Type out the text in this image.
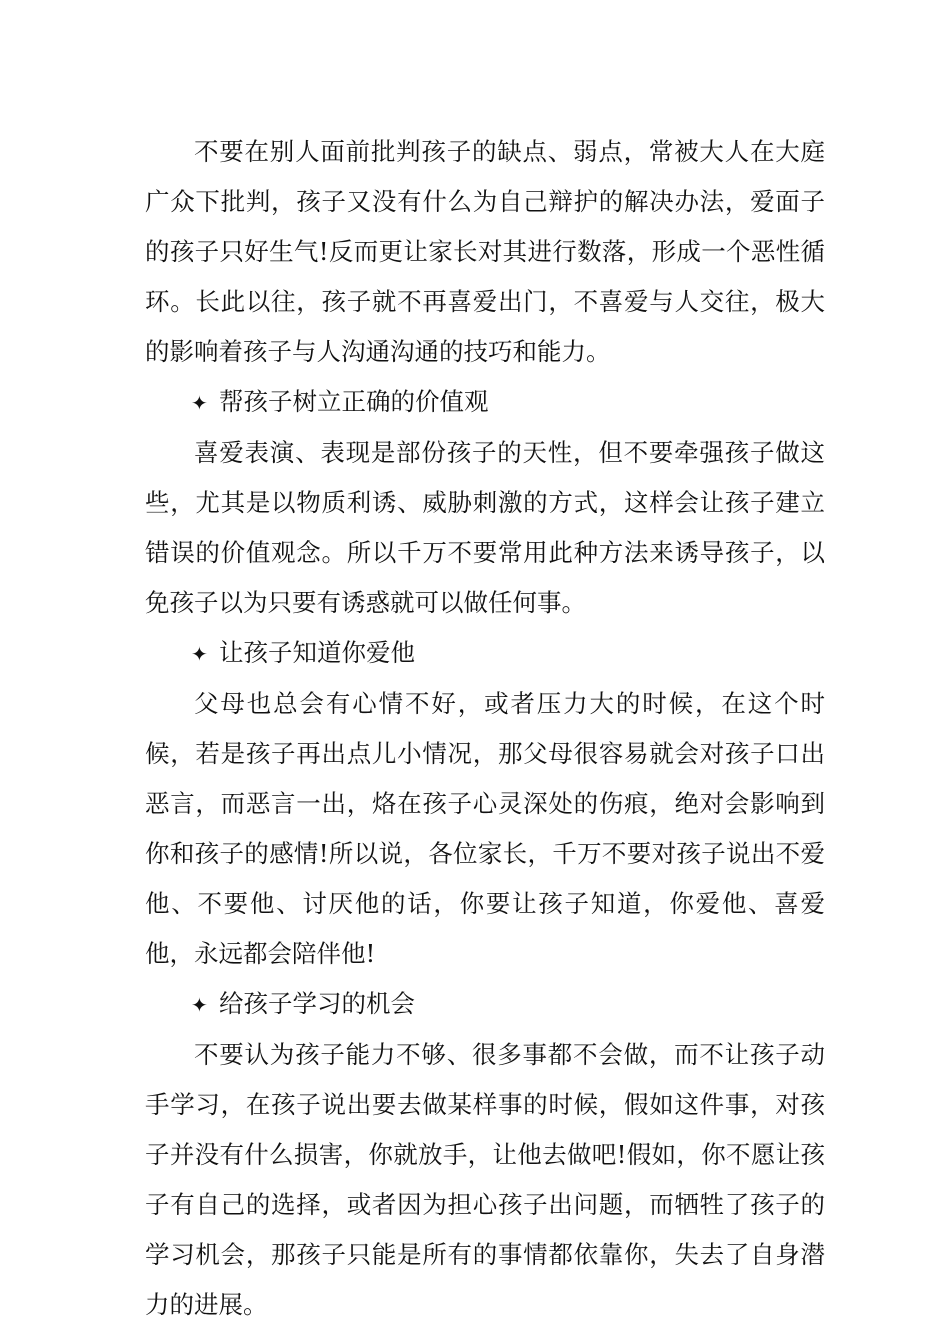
不要在别人面前批判孩子的缺点、弱点，常被大人在大庭广众下批判，孩子又没有什么为自己辩护的解决办法，爱面子的孩子只好生气!反而更让家长对其进行数落，形成一个恶性循环。长此以往，孩子就不再喜爱出门，不喜爱与人交往，极大的影响着孩子与人沟通沟通的技巧和能力。

✦ 帮孩子树立正确的价值观

喜爱表演、表现是部份孩子的天性，但不要牵强孩子做这些，尤其是以物质利诱、威胁刺激的方式，这样会让孩子建立错误的价值观念。所以千万不要常用此种方法来诱导孩子，以免孩子以为只要有诱惑就可以做任何事。

✦ 让孩子知道你爱他

父母也总会有心情不好，或者压力大的时候，在这个时候，若是孩子再出点儿小情况，那父母很容易就会对孩子口出恶言，而恶言一出，烙在孩子心灵深处的伤痕，绝对会影响到你和孩子的感情!所以说，各位家长，千万不要对孩子说出不爱他、不要他、讨厌他的话，你要让孩子知道，你爱他、喜爱他，永远都会陪伴他!

✦ 给孩子学习的机会

不要认为孩子能力不够、很多事都不会做，而不让孩子动手学习，在孩子说出要去做某样事的时候，假如这件事，对孩子并没有什么损害，你就放手，让他去做吧!假如，你不愿让孩子有自己的选择，或者因为担心孩子出问题，而牺牲了孩子的学习机会，那孩子只能是所有的事情都依靠你，失去了自身潜力的进展。
